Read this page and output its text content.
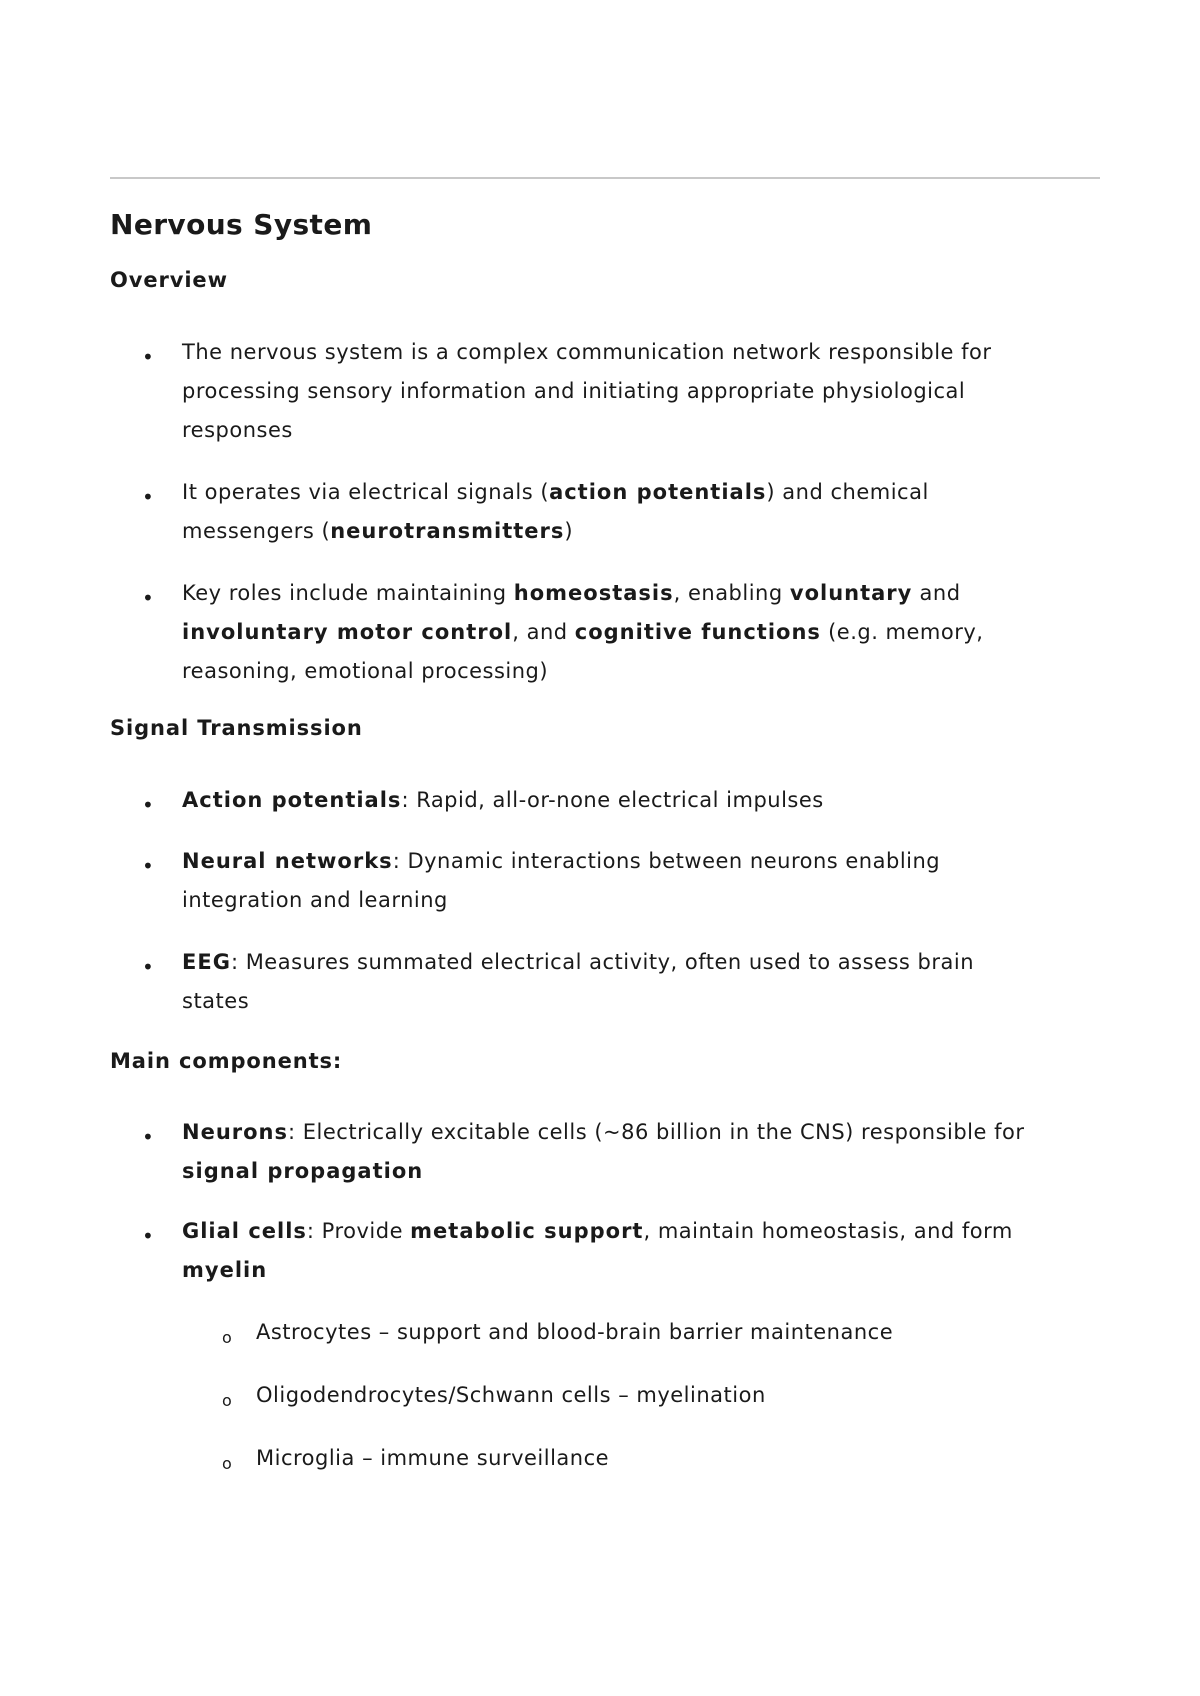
Nervous System
Overview
• The nervous system is a complex communication network responsible for
processing sensory information and initiating appropriate physiological
responses

• It operates via electrical signals (action potentials) and chemical
messengers (neurotransmitters)

• Key roles include maintaining homeostasis, enabling voluntary and
involuntary motor control, and cognitive functions (e.g. memory,
reasoning, emotional processing)

Signal Transmission
• Action potentials: Rapid, all-or-none electrical impulses

• Neural networks: Dynamic interactions between neurons enabling
integration and learning

• EEG: Measures summated electrical activity, often used to assess brain
states

Main components:
• Neurons: Electrically excitable cells (~86 billion in the CNS) responsible for
signal propagation

• Glial cells: Provide metabolic support, maintain homeostasis, and form
myelin

o Astrocytes – support and blood-brain barrier maintenance
o Oligodendrocytes/Schwann cells – myelination
o Microglia – immune surveillance
